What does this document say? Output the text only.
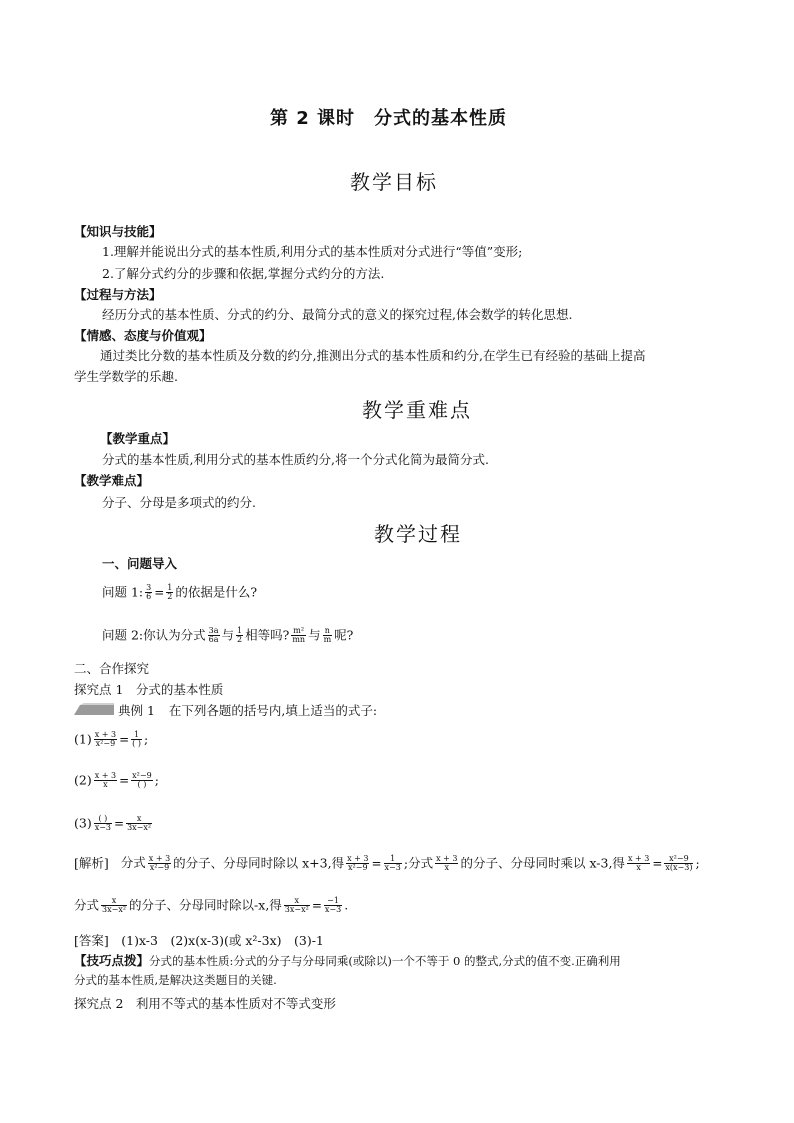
第 2 课时　分式的基本性质
教学目标
【知识与技能】
1.理解并能说出分式的基本性质,利用分式的基本性质对分式进行“等值”变形;
2.了解分式约分的步骤和依据,掌握分式约分的方法.
【过程与方法】
经历分式的基本性质、分式的约分、最简分式的意义的探究过程,体会数学的转化思想.
【情感、态度与价值观】
通过类比分数的基本性质及分数的约分,推测出分式的基本性质和约分,在学生已有经验的基础上提高
学生学数学的乐趣.
教学重难点
【教学重点】
分式的基本性质,利用分式的基本性质约分,将一个分式化简为最简分式.
【教学难点】
分子、分母是多项式的约分.
教学过程
一、问题导入
问题 1: $\frac{3}{6} = \frac{1}{2}$ 的依据是什么?
问题 2:你认为分式 $\frac{3a}{6a}$ 与 $\frac{1}{2}$ 相等吗? $\frac{\text{m²}}{mn}$ 与 $\frac{n}{m}$ 呢?
二、合作探究
探究点 1　分式的基本性质
典例 1 在下列各题的括号内,填上适当的式子:
$(1) \frac{x + 3}{\text{x²−9}} = \frac{1}{( )}$ ;
$(2) \frac{x + 3}{x} = \frac{\text{x²−9}}{( )}$ ;
$(3) \frac{( )}{x-3} = \frac{x}{\text{3x−x²}}$
[解析] 分式 $\frac{x + 3}{\text{x²−9}}$ 的分子、分母同时除以 x+3,得 $\frac{x + 3}{\text{x²−9}} = \frac{1}{x-3}$ ;分式 $\frac{x + 3}{x}$ 的分子、分母同时乘以 x-3,得 $\frac{x + 3}{x} = \frac{\text{x²−9}}{x(x-3)}$ ;
分式 $\frac{x}{\text{3x−x²}}$ 的分子、分母同时除以-x,得 $\frac{x}{\text{3x−x²}} = \frac{-1}{x-3}$ .
[答案]　(1)x-3　(2)x(x-3)(或 x²-3x)　(3)-1
【技巧点拨】分式的基本性质:分式的分子与分母同乘(或除以)一个不等于 0 的整式,分式的值不变.正确利用
分式的基本性质,是解决这类题目的关键.
探究点 2　利用不等式的基本性质对不等式变形
